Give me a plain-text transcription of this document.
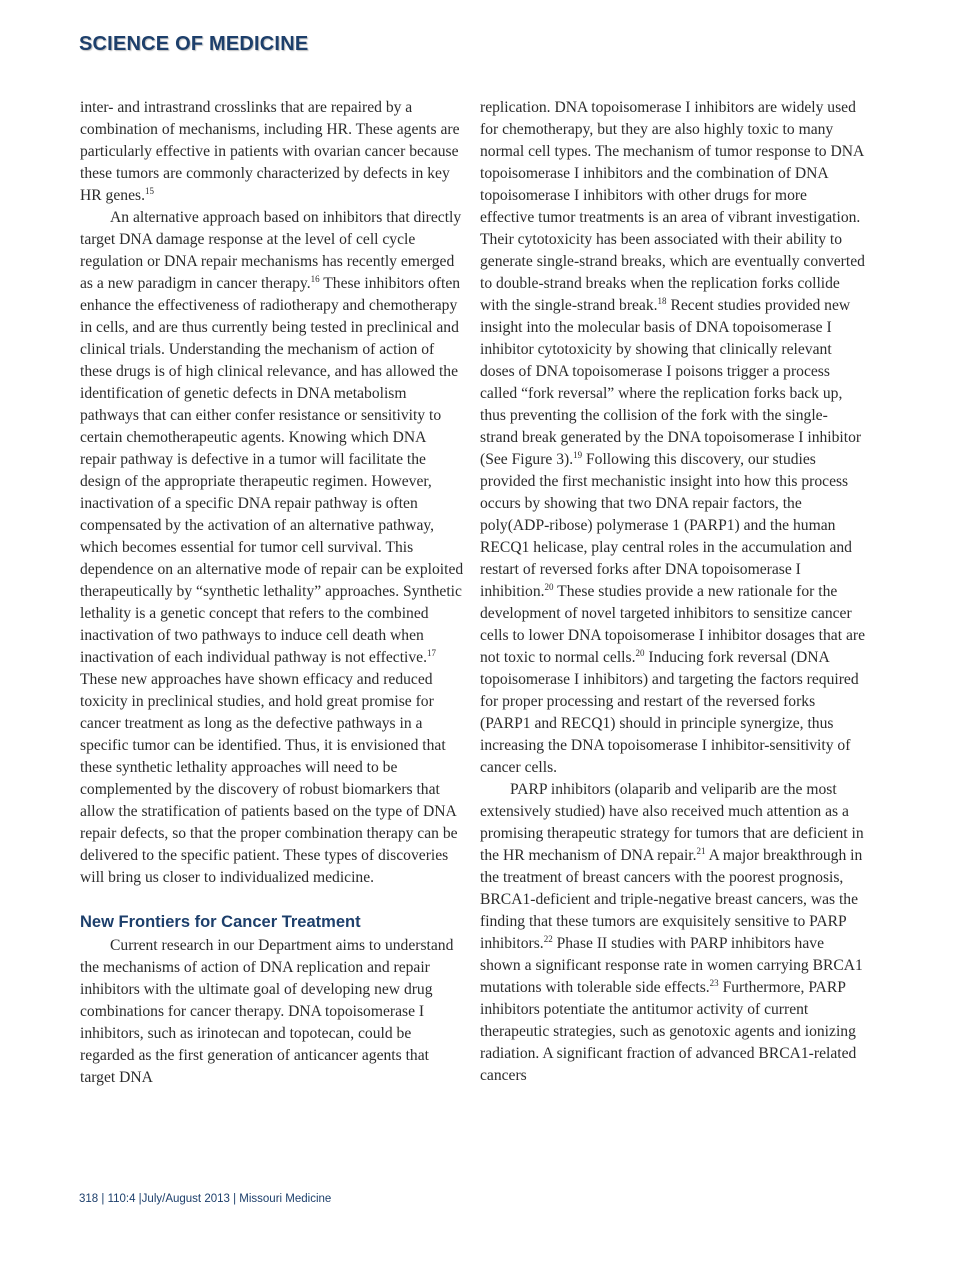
SCIENCE OF MEDICINE

inter- and intrastrand crosslinks that are repaired by a combination of mechanisms, including HR. These agents are particularly effective in patients with ovarian cancer because these tumors are commonly characterized by defects in key HR genes.$^{15}$

An alternative approach based on inhibitors that directly target DNA damage response at the level of cell cycle regulation or DNA repair mechanisms has recently emerged as a new paradigm in cancer therapy.$^{16}$ These inhibitors often enhance the effectiveness of radiotherapy and chemotherapy in cells, and are thus currently being tested in preclinical and clinical trials. Understanding the mechanism of action of these drugs is of high clinical relevance, and has allowed the identification of genetic defects in DNA metabolism pathways that can either confer resistance or sensitivity to certain chemotherapeutic agents. Knowing which DNA repair pathway is defective in a tumor will facilitate the design of the appropriate therapeutic regimen. However, inactivation of a specific DNA repair pathway is often compensated by the activation of an alternative pathway, which becomes essential for tumor cell survival. This dependence on an alternative mode of repair can be exploited therapeutically by “synthetic lethality” approaches. Synthetic lethality is a genetic concept that refers to the combined inactivation of two pathways to induce cell death when inactivation of each individual pathway is not effective.$^{17}$ These new approaches have shown efficacy and reduced toxicity in preclinical studies, and hold great promise for cancer treatment as long as the defective pathways in a specific tumor can be identified. Thus, it is envisioned that these synthetic lethality approaches will need to be complemented by the discovery of robust biomarkers that allow the stratification of patients based on the type of DNA repair defects, so that the proper combination therapy can be delivered to the specific patient. These types of discoveries will bring us closer to individualized medicine.

New Frontiers for Cancer Treatment

Current research in our Department aims to understand the mechanisms of action of DNA replication and repair inhibitors with the ultimate goal of developing new drug combinations for cancer therapy. DNA topoisomerase I inhibitors, such as irinotecan and topotecan, could be regarded as the first generation of anticancer agents that target DNA

replication. DNA topoisomerase I inhibitors are widely used for chemotherapy, but they are also highly toxic to many normal cell types. The mechanism of tumor response to DNA topoisomerase I inhibitors and the combination of DNA topoisomerase I inhibitors with other drugs for more effective tumor treatments is an area of vibrant investigation. Their cytotoxicity has been associated with their ability to generate single-strand breaks, which are eventually converted to double-strand breaks when the replication forks collide with the single-strand break.$^{18}$ Recent studies provided new insight into the molecular basis of DNA topoisomerase I inhibitor cytotoxicity by showing that clinically relevant doses of DNA topoisomerase I poisons trigger a process called “fork reversal” where the replication forks back up, thus preventing the collision of the fork with the single-strand break generated by the DNA topoisomerase I inhibitor (See Figure 3).$^{19}$ Following this discovery, our studies provided the first mechanistic insight into how this process occurs by showing that two DNA repair factors, the poly(ADP-ribose) polymerase 1 (PARP1) and the human RECQ1 helicase, play central roles in the accumulation and restart of reversed forks after DNA topoisomerase I inhibition.$^{20}$ These studies provide a new rationale for the development of novel targeted inhibitors to sensitize cancer cells to lower DNA topoisomerase I inhibitor dosages that are not toxic to normal cells.$^{20}$ Inducing fork reversal (DNA topoisomerase I inhibitors) and targeting the factors required for proper processing and restart of the reversed forks (PARP1 and RECQ1) should in principle synergize, thus increasing the DNA topoisomerase I inhibitor-sensitivity of cancer cells.

PARP inhibitors (olaparib and veliparib are the most extensively studied) have also received much attention as a promising therapeutic strategy for tumors that are deficient in the HR mechanism of DNA repair.$^{21}$ A major breakthrough in the treatment of breast cancers with the poorest prognosis, BRCA1-deficient and triple-negative breast cancers, was the finding that these tumors are exquisitely sensitive to PARP inhibitors.$^{22}$ Phase II studies with PARP inhibitors have shown a significant response rate in women carrying BRCA1 mutations with tolerable side effects.$^{23}$ Furthermore, PARP inhibitors potentiate the antitumor activity of current therapeutic strategies, such as genotoxic agents and ionizing radiation. A significant fraction of advanced BRCA1-related cancers

318 | 110:4 |July/August 2013 | Missouri Medicine
